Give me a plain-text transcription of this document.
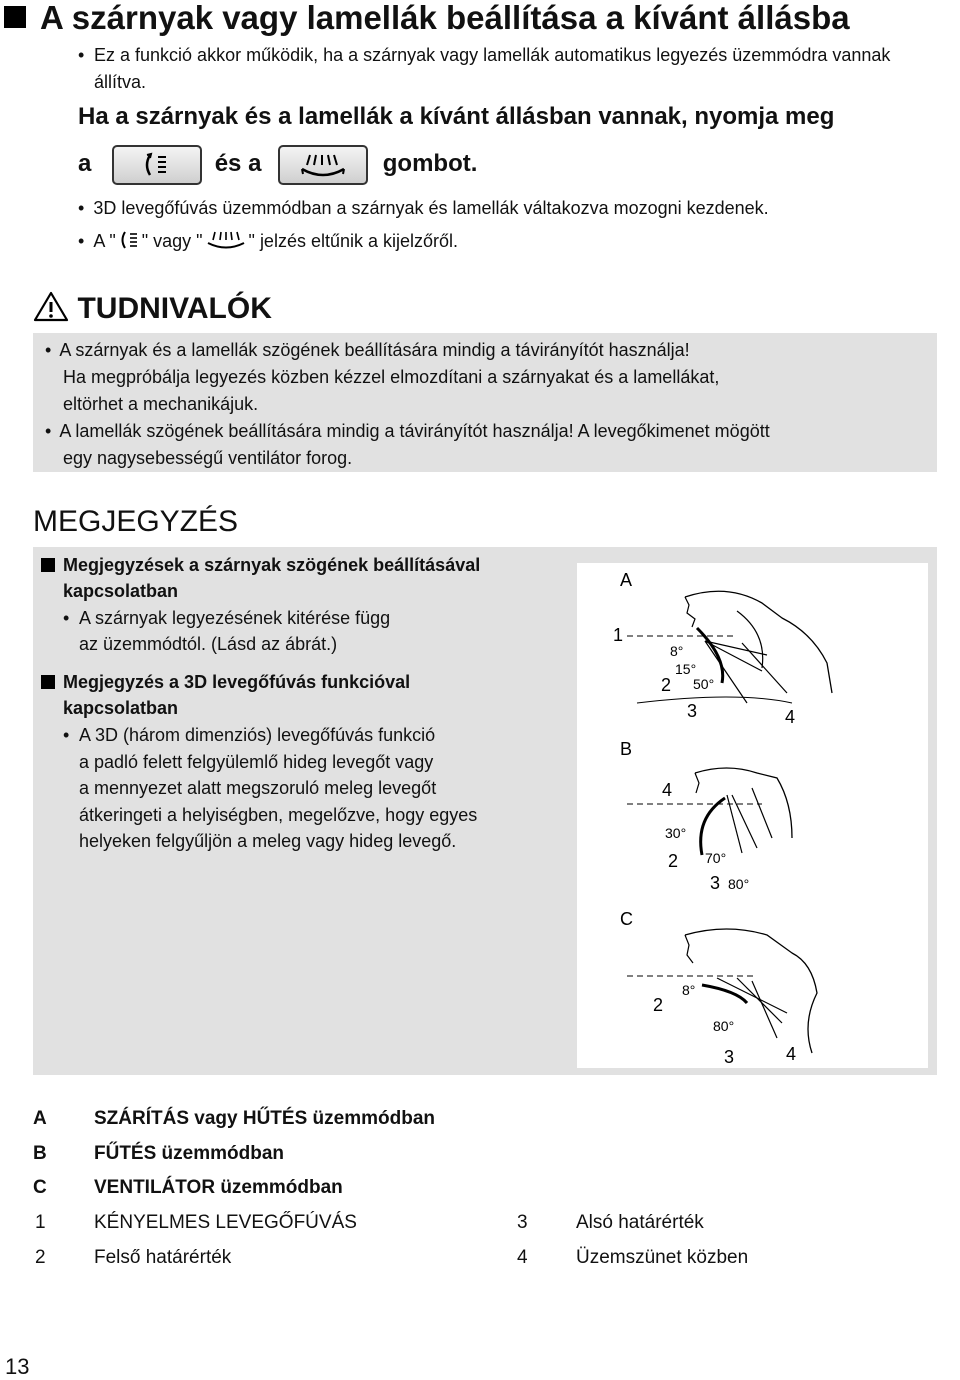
A szárnyak vagy lamellák beállítása a kívánt állásba
• Ez a funkció akkor működik, ha a szárnyak vagy lamellák automatikus legyezés üzemmódra vannak állítva.
Ha a szárnyak és a lamellák a kívánt állásban vannak, nyomja meg
a	és a	gombot.
• 3D levegőfúvás üzemmódban a szárnyak és lamellák váltakozva mozogni kezdenek.
• A " " vagy "	" jelzés eltűnik a kijelzőről.
TUDNIVALÓK
• A szárnyak és a lamellák szögének beállítására mindig a távirányítót használja!
Ha megpróbálja legyezés közben kézzel elmozdítani a szárnyakat és a lamellákat,
eltörhet a mechanikájuk.
• A lamellák szögének beállítására mindig a távirányítót használja! A levegőkimenet mögött
egy nagysebességű ventilátor forog.
MEGJEGYZÉS
Megjegyzések a szárnyak szögének beállításával
kapcsolatban
• A szárnyak legyezésének kitérése függ
az üzemmódtól. (Lásd az ábrát.)
Megjegyzés a 3D levegőfúvás funkcióval
kapcsolatban
• A 3D (három dimenziós) levegőfúvás funkció
a padló felett felgyülemlő hideg levegőt vagy
a mennyezet alatt megszoruló meleg levegőt
átkeringeti a helyiségben, megelőzve, hogy egyes
helyeken felgyűljön a meleg vagy hideg levegő.
A
1
8°
15°
2 50°
3	4
B
4
30°
2 70°
3 80°
C
2
8°
80°
3	4
A SZÁRÍTÁS vagy HŰTÉS üzemmódban
B FŰTÉS üzemmódban
C VENTILÁTOR üzemmódban
1	KÉNYELMES LEVEGŐFÚVÁS	3	Alsó határérték
2	Felső határérték	4	Üzemszünet közben
13
